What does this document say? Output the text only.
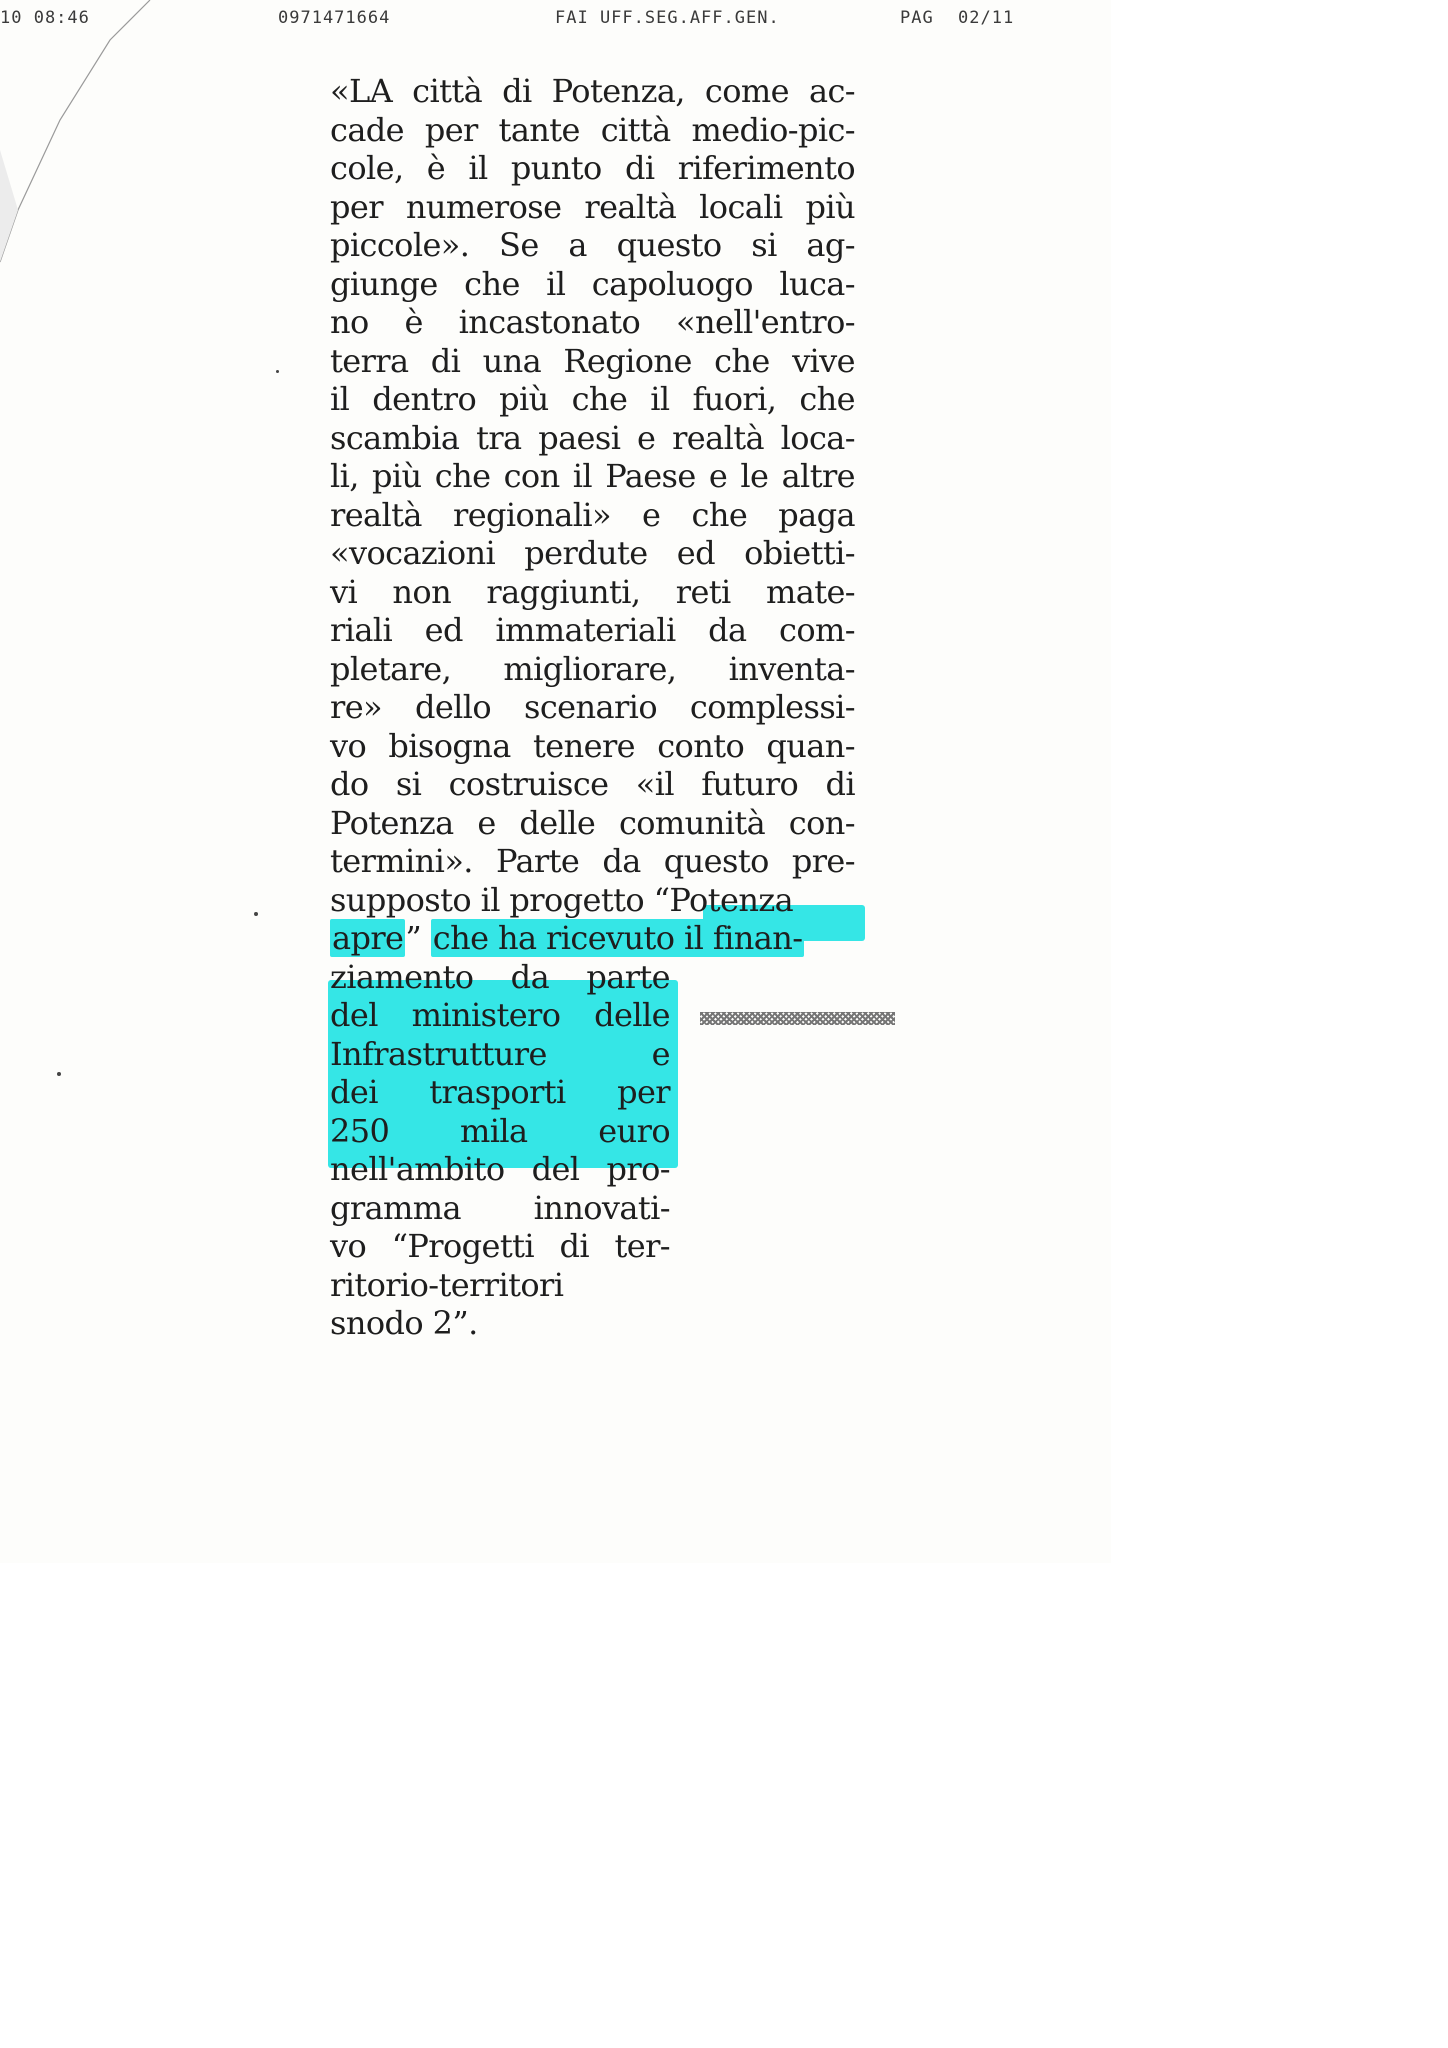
10 08:46	0971471664	FAI UFF.SEG.AFF.GEN.	PAG 02/11
«LA città di Potenza, come ac-
cade per tante città medio-pic-
cole, è il punto di riferimento
per numerose realtà locali più
piccole». Se a questo si ag-
giunge che il capoluogo luca-
no è incastonato «nell'entro-
terra di una Regione che vive
il dentro più che il fuori, che
scambia tra paesi e realtà loca-
li, più che con il Paese e le altre
realtà regionali» e che paga
«vocazioni perdute ed obietti-
vi non raggiunti, reti mate-
riali ed immateriali da com-
pletare, migliorare, inventa-
re» dello scenario complessi-
vo bisogna tenere conto quan-
do si costruisce «il futuro di
Potenza e delle comunità con-
termini». Parte da questo pre-
supposto il progetto “Potenza
apre” che ha ricevuto il finan-
ziamento da parte
del ministero delle
Infrastrutture e
dei trasporti per
250 mila euro
nell'ambito del pro-
gramma innovati-
vo “Progetti di ter-
ritorio-territori
snodo 2”.
